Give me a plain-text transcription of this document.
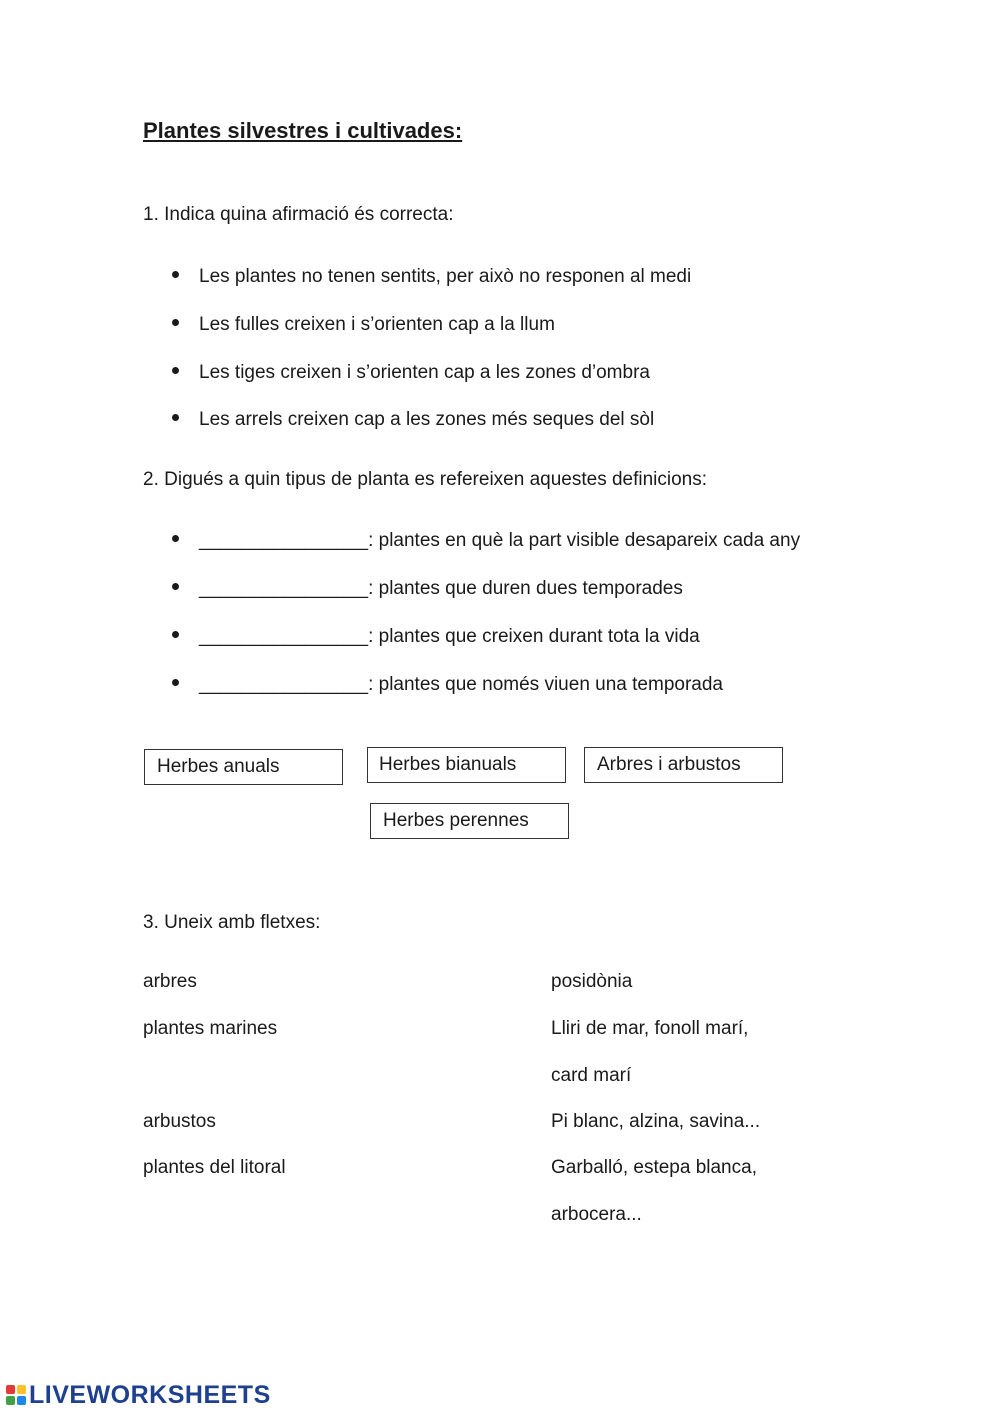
Plantes silvestres i cultivades:
1. Indica quina afirmació és correcta:
Les plantes no tenen sentits, per això no responen al medi
Les fulles creixen i s’orienten cap a la llum
Les tiges creixen i s’orienten cap a les zones d’ombra
Les arrels creixen cap a les zones més seques del sòl
2. Digués a quin tipus de planta es refereixen aquestes definicions:
________________: plantes en què la part visible desapareix cada any
________________: plantes que duren dues temporades
________________: plantes que creixen durant tota la vida
________________: plantes que només viuen una temporada
Herbes anuals	Herbes bianuals	Arbres i arbustos
Herbes perennes
3. Uneix amb fletxes:
arbres
plantes marines
arbustos
plantes del litoral
posidònia
Lliri de mar, fonoll marí,
card marí
Pi blanc, alzina, savina...
Garballó, estepa blanca,
arbocera...
LIVEWORKSHEETS
